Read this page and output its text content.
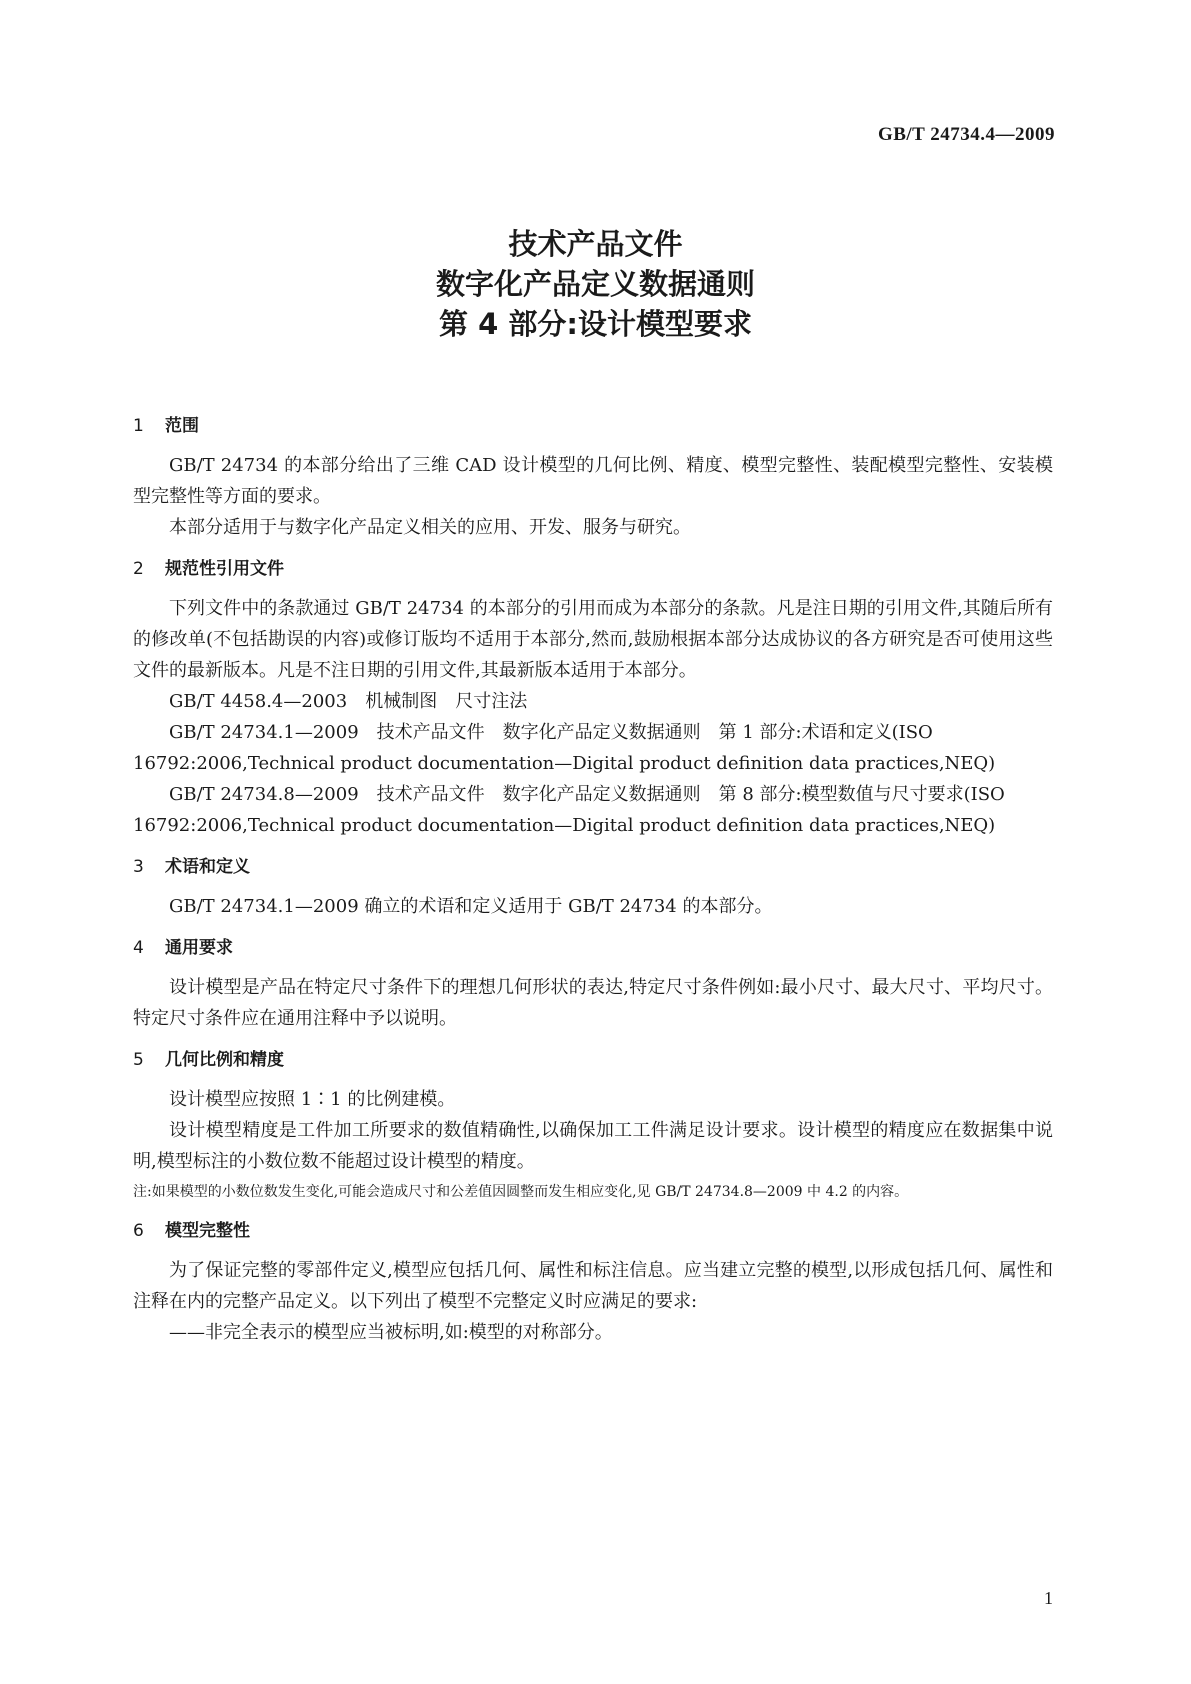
GB/T 24734.4—2009
技术产品文件
数字化产品定义数据通则
第 4 部分:设计模型要求
1 范围

GB/T 24734 的本部分给出了三维 CAD 设计模型的几何比例、精度、模型完整性、装配模型完整性、安装模型完整性等方面的要求。

本部分适用于与数字化产品定义相关的应用、开发、服务与研究。

2 规范性引用文件

下列文件中的条款通过 GB/T 24734 的本部分的引用而成为本部分的条款。凡是注日期的引用文件,其随后所有的修改单(不包括勘误的内容)或修订版均不适用于本部分,然而,鼓励根据本部分达成协议的各方研究是否可使用这些文件的最新版本。凡是不注日期的引用文件,其最新版本适用于本部分。

GB/T 4458.4—2003　机械制图　尺寸注法

GB/T 24734.1—2009　技术产品文件　数字化产品定义数据通则　第 1 部分:术语和定义(ISO 16792:2006,Technical product documentation—Digital product definition data practices,NEQ)

GB/T 24734.8—2009　技术产品文件　数字化产品定义数据通则　第 8 部分:模型数值与尺寸要求(ISO 16792:2006,Technical product documentation—Digital product definition data practices,NEQ)

3 术语和定义

GB/T 24734.1—2009 确立的术语和定义适用于 GB/T 24734 的本部分。

4 通用要求

设计模型是产品在特定尺寸条件下的理想几何形状的表达,特定尺寸条件例如:最小尺寸、最大尺寸、平均尺寸。特定尺寸条件应在通用注释中予以说明。

5 几何比例和精度

设计模型应按照 1∶1 的比例建模。

设计模型精度是工件加工所要求的数值精确性,以确保加工工件满足设计要求。设计模型的精度应在数据集中说明,模型标注的小数位数不能超过设计模型的精度。

注:如果模型的小数位数发生变化,可能会造成尺寸和公差值因圆整而发生相应变化,见 GB/T 24734.8—2009 中 4.2 的内容。

6 模型完整性

为了保证完整的零部件定义,模型应包括几何、属性和标注信息。应当建立完整的模型,以形成包括几何、属性和注释在内的完整产品定义。以下列出了模型不完整定义时应满足的要求:

——非完全表示的模型应当被标明,如:模型的对称部分。

1
